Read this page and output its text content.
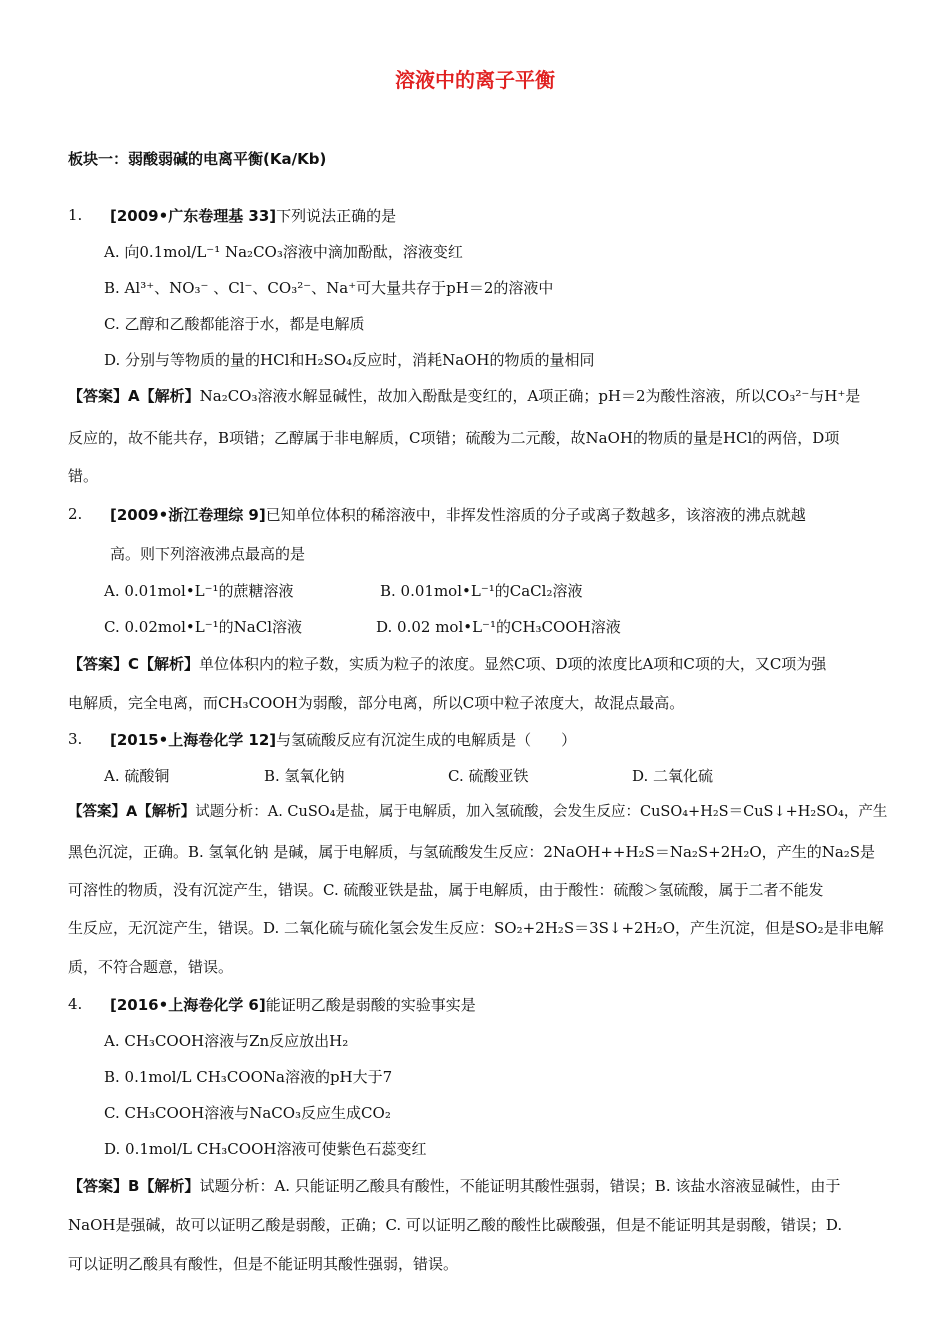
溶液中的离子平衡
板块一：弱酸弱碱的电离平衡(Ka/Kb)
1. [2009•广东卷理基 33]下列说法正确的是
A. 向0.1mol/L⁻¹ Na₂CO₃溶液中滴加酚酞，溶液变红
B. Al³⁺、NO₃⁻ 、Cl⁻、CO₃²⁻、Na⁺可大量共存于pH＝2的溶液中
C. 乙醇和乙酸都能溶于水，都是电解质
D. 分别与等物质的量的HCl和H₂SO₄反应时，消耗NaOH的物质的量相同
【答案】A【解析】Na₂CO₃溶液水解显碱性，故加入酚酞是变红的，A项正确；pH＝2为酸性溶液，所以CO₃²⁻与H⁺是
反应的，故不能共存，B项错；乙醇属于非电解质，C项错；硫酸为二元酸，故NaOH的物质的量是HCl的两倍，D项
错。
2. [2009•浙江卷理综 9]已知单位体积的稀溶液中，非挥发性溶质的分子或离子数越多，该溶液的沸点就越
高。则下列溶液沸点最高的是
A. 0.01mol•L⁻¹的蔗糖溶液	B. 0.01mol•L⁻¹的CaCl₂溶液
C. 0.02mol•L⁻¹的NaCl溶液	D. 0.02 mol•L⁻¹的CH₃COOH溶液
【答案】C【解析】单位体积内的粒子数，实质为粒子的浓度。显然C项、D项的浓度比A项和C项的大，又C项为强
电解质，完全电离，而CH₃COOH为弱酸，部分电离，所以C项中粒子浓度大，故混点最高。
3. [2015•上海卷化学 12]与氢硫酸反应有沉淀生成的电解质是（　　）
A. 硫酸铜	B. 氢氧化钠	C. 硫酸亚铁	D. 二氧化硫
【答案】A【解析】试题分析：A. CuSO₄是盐，属于电解质，加入氢硫酸，会发生反应：CuSO₄+H₂S＝CuS↓+H₂SO₄，产生
黑色沉淀，正确。B. 氢氧化钠 是碱，属于电解质，与氢硫酸发生反应：2NaOH++H₂S＝Na₂S+2H₂O，产生的Na₂S是
可溶性的物质，没有沉淀产生，错误。C. 硫酸亚铁是盐，属于电解质，由于酸性：硫酸＞氢硫酸，属于二者不能发
生反应，无沉淀产生，错误。D. 二氧化硫与硫化氢会发生反应：SO₂+2H₂S＝3S↓+2H₂O，产生沉淀，但是SO₂是非电解
质，不符合题意，错误。
4. [2016•上海卷化学 6]能证明乙酸是弱酸的实验事实是
A. CH₃COOH溶液与Zn反应放出H₂
B. 0.1mol/L CH₃COONa溶液的pH大于7
C. CH₃COOH溶液与NaCO₃反应生成CO₂
D. 0.1mol/L CH₃COOH溶液可使紫色石蕊变红
【答案】B【解析】试题分析：A. 只能证明乙酸具有酸性，不能证明其酸性强弱，错误；B. 该盐水溶液显碱性，由于
NaOH是强碱，故可以证明乙酸是弱酸，正确；C. 可以证明乙酸的酸性比碳酸强，但是不能证明其是弱酸，错误；D.
可以证明乙酸具有酸性，但是不能证明其酸性强弱，错误。
